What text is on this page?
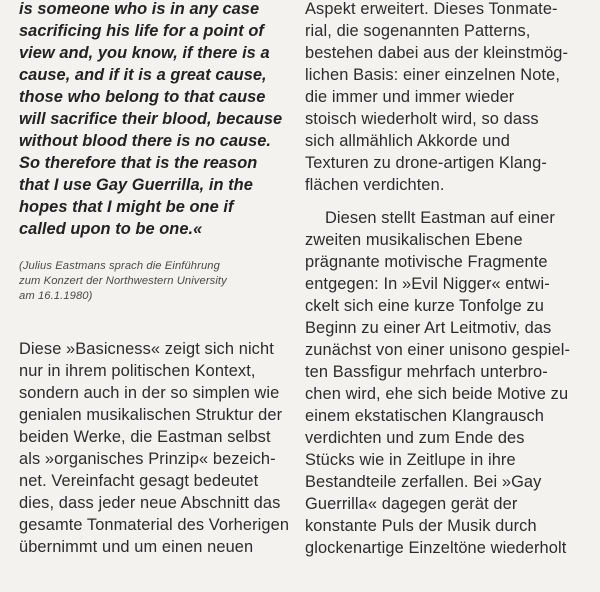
is someone who is in any case
sacrificing his life for a point of
view and, you know, if there is a
cause, and if it is a great cause,
those who belong to that cause
will sacrifice their blood, because
without blood there is no cause.
So therefore that is the reason
that I use Gay Guerrilla, in the
hopes that I might be one if
called upon to be one.«
(Julius Eastmans sprach die Einführung
zum Konzert der Northwestern University
am 16.1.1980)
Diese »Basicness« zeigt sich nicht
nur in ihrem politischen Kontext,
sondern auch in der so simplen wie
genialen musikalischen Struktur der
beiden Werke, die Eastman selbst
als »organisches Prinzip« bezeich-
net. Vereinfacht gesagt bedeutet
dies, dass jeder neue Abschnitt das
gesamte Tonmaterial des Vorherigen
übernimmt und um einen neuen
Aspekt erweitert. Dieses Tonmate-
rial, die sogenannten Patterns,
bestehen dabei aus der kleinstmög-
lichen Basis: einer einzelnen Note,
die immer und immer wieder
stoisch wiederholt wird, so dass
sich allmählich Akkorde und
Texturen zu drone-artigen Klang-
flächen verdichten.
Diesen stellt Eastman auf einer
zweiten musikalischen Ebene
prägnante motivische Fragmente
entgegen: In »Evil Nigger« entwi-
ckelt sich eine kurze Tonfolge zu
Beginn zu einer Art Leitmotiv, das
zunächst von einer unisono gespiel-
ten Bassfigur mehrfach unterbro-
chen wird, ehe sich beide Motive zu
einem ekstatischen Klangrausch
verdichten und zum Ende des
Stücks wie in Zeitlupe in ihre
Bestandteile zerfallen. Bei »Gay
Guerrilla« dagegen gerät der
konstante Puls der Musik durch
glockenartige Einzeltöne wiederholt
